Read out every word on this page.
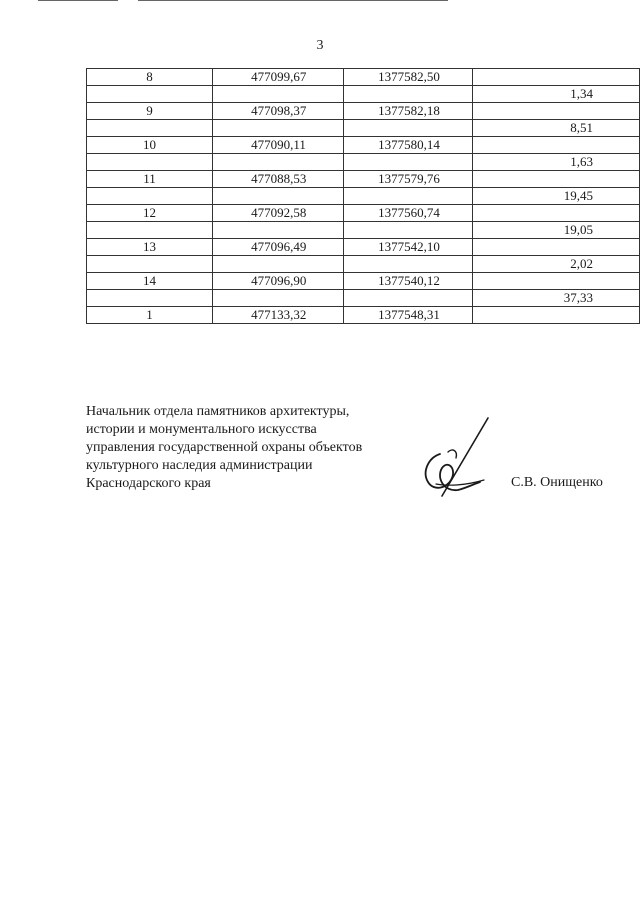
3
8	477099,67	1377582,50	
			1,34
9	477098,37	1377582,18	
			8,51
10	477090,11	1377580,14	
			1,63
11	477088,53	1377579,76	
			19,45
12	477092,58	1377560,74	
			19,05
13	477096,49	1377542,10	
			2,02
14	477096,90	1377540,12	
			37,33
1	477133,32	1377548,31	
Начальник отдела памятников архитектуры,
истории и монументального искусства
управления государственной охраны объектов
культурного наследия администрации
Краснодарского края	С.В. Онищенко
